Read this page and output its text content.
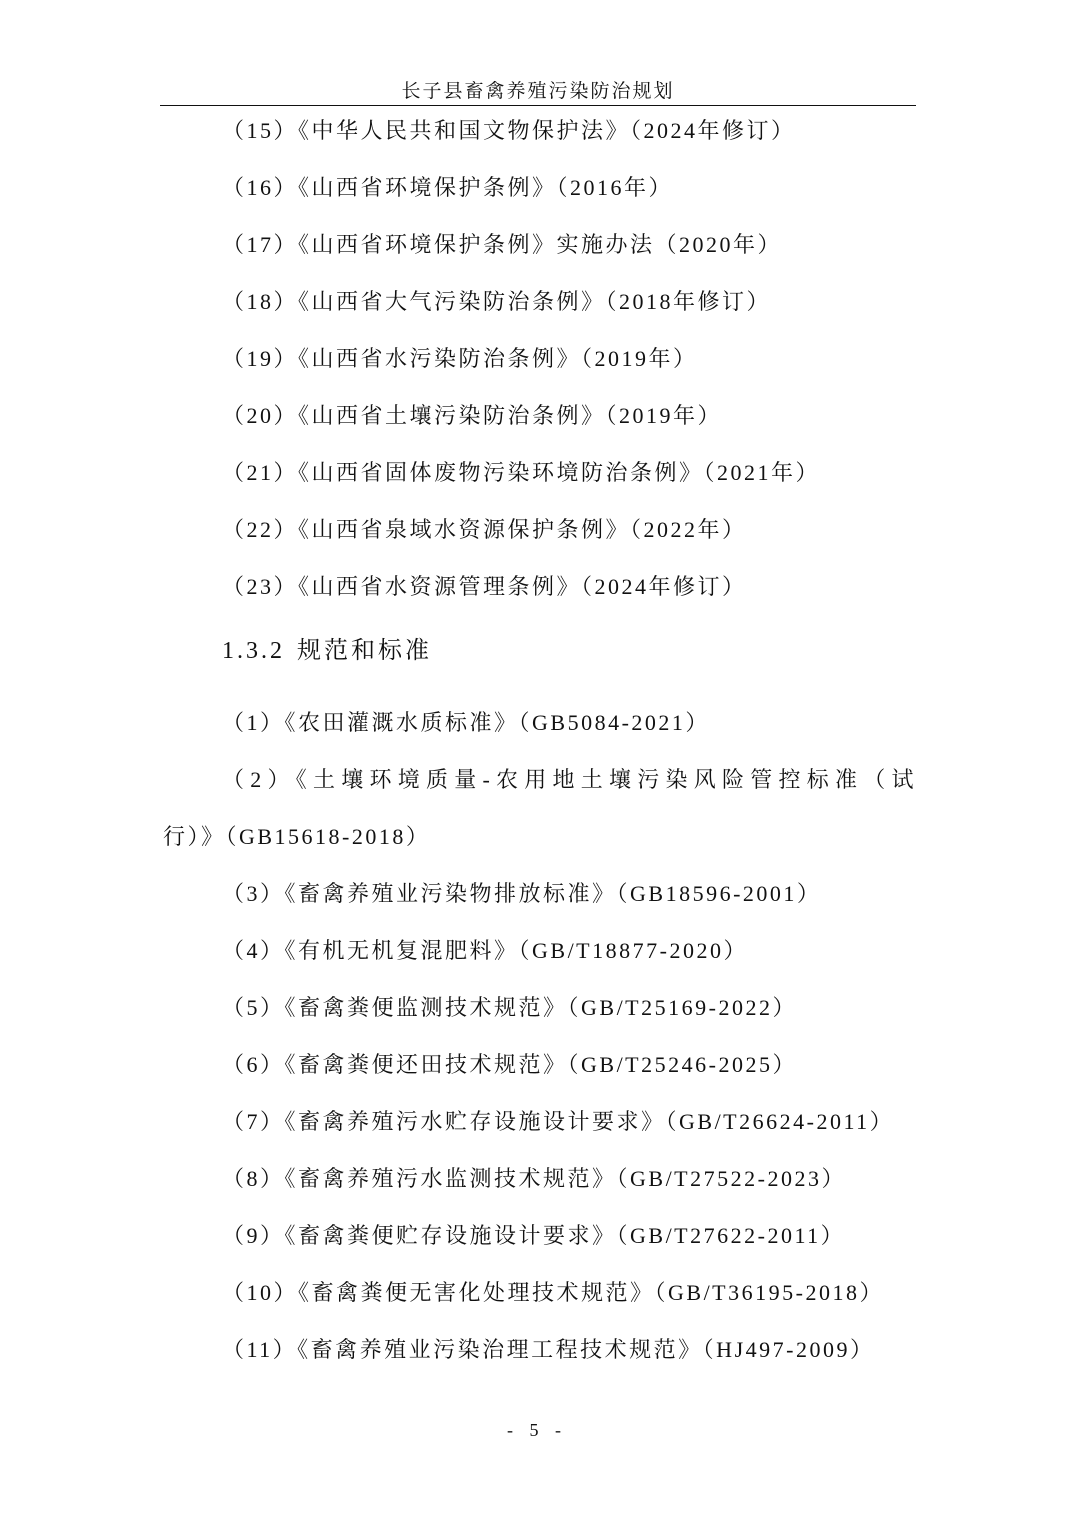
长子县畜禽养殖污染防治规划

（15）《中华人民共和国文物保护法》（2024年修订）

（16）《山西省环境保护条例》（2016年）

（17）《山西省环境保护条例》实施办法（2020年）

（18）《山西省大气污染防治条例》（2018年修订）

（19）《山西省水污染防治条例》（2019年）

（20）《山西省土壤污染防治条例》（2019年）

（21）《山西省固体废物污染环境防治条例》（2021年）

（22）《山西省泉域水资源保护条例》（2022年）

（23）《山西省水资源管理条例》（2024年修订）

1.3.2 规范和标准

（1）《农田灌溉水质标准》（GB5084-2021）

（2）《土壤环境质量-农用地土壤污染风险管控标准（试

行）》（GB15618-2018）

（3）《畜禽养殖业污染物排放标准》（GB18596-2001）

（4）《有机无机复混肥料》（GB/T18877-2020）

（5）《畜禽粪便监测技术规范》（GB/T25169-2022）

（6）《畜禽粪便还田技术规范》（GB/T25246-2025）

（7）《畜禽养殖污水贮存设施设计要求》（GB/T26624-2011）

（8）《畜禽养殖污水监测技术规范》（GB/T27522-2023）

（9）《畜禽粪便贮存设施设计要求》（GB/T27622-2011）

（10）《畜禽粪便无害化处理技术规范》（GB/T36195-2018）

（11）《畜禽养殖业污染治理工程技术规范》（HJ497-2009）

- 5 -
